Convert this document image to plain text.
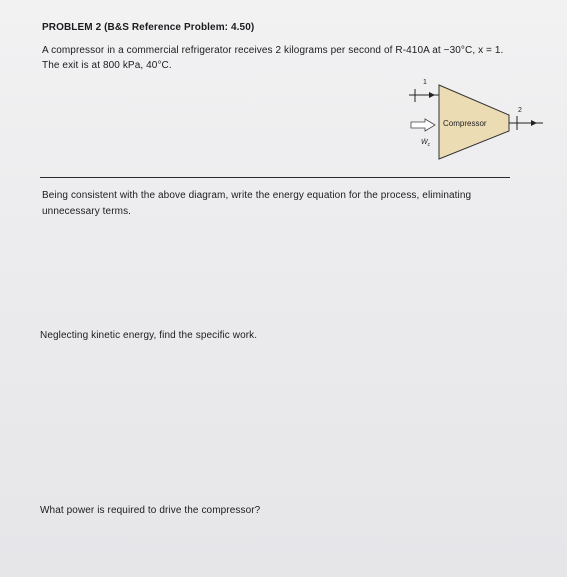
PROBLEM 2 (B&S Reference Problem: 4.50)
A compressor in a commercial refrigerator receives 2 kilograms per second of R-410A at −30°C, x = 1.
The exit is at 800 kPa, 40°C.
1
Compressor
2
$Ẇ_c$
Being consistent with the above diagram, write the energy equation for the process, eliminating
unnecessary terms.
Neglecting kinetic energy, find the specific work.
What power is required to drive the compressor?
